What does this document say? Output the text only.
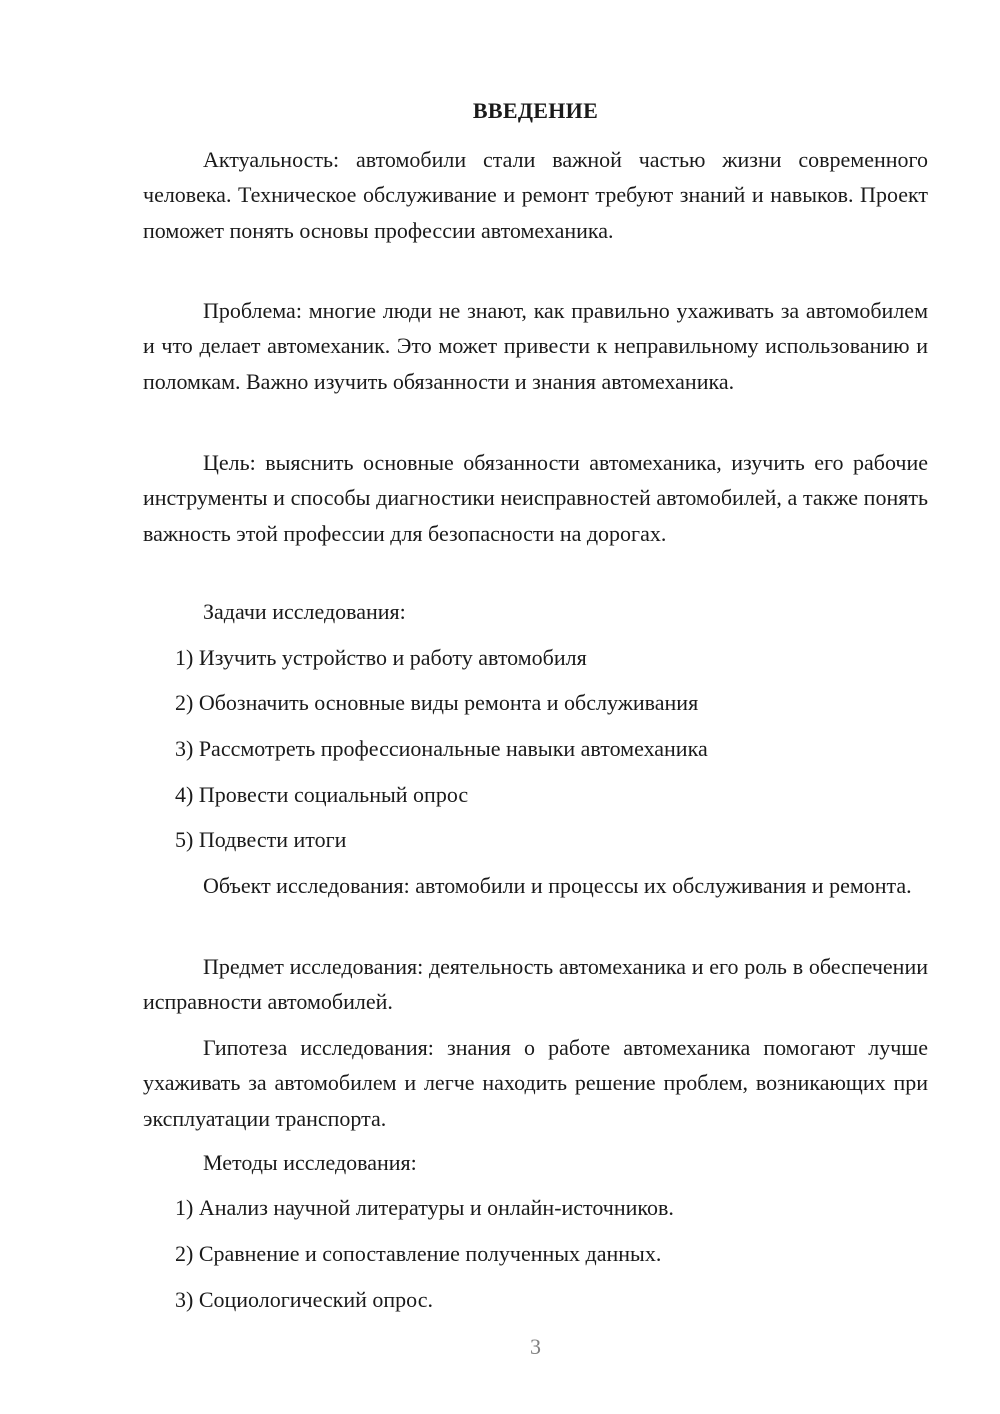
ВВЕДЕНИЕ

Актуальность: автомобили стали важной частью жизни современного человека. Техническое обслуживание и ремонт требуют знаний и навыков. Проект поможет понять основы профессии автомеханика.

Проблема: многие люди не знают, как правильно ухаживать за автомобилем и что делает автомеханик. Это может привести к неправильному использованию и поломкам. Важно изучить обязанности и знания автомеханика.

Цель: выяснить основные обязанности автомеханика, изучить его рабочие инструменты и способы диагностики неисправностей автомобилей, а также понять важность этой профессии для безопасности на дорогах.

Задачи исследования:
1) Изучить устройство и работу автомобиля
2) Обозначить основные виды ремонта и обслуживания
3) Рассмотреть профессиональные навыки автомеханика
4) Провести социальный опрос
5) Подвести итоги

Объект исследования: автомобили и процессы их обслуживания и ремонта.

Предмет исследования: деятельность автомеханика и его роль в обеспечении исправности автомобилей.

Гипотеза исследования: знания о работе автомеханика помогают лучше ухаживать за автомобилем и легче находить решение проблем, возникающих при эксплуатации транспорта.

Методы исследования:
1) Анализ научной литературы и онлайн-источников.
2) Сравнение и сопоставление полученных данных.
3) Социологический опрос.
3
